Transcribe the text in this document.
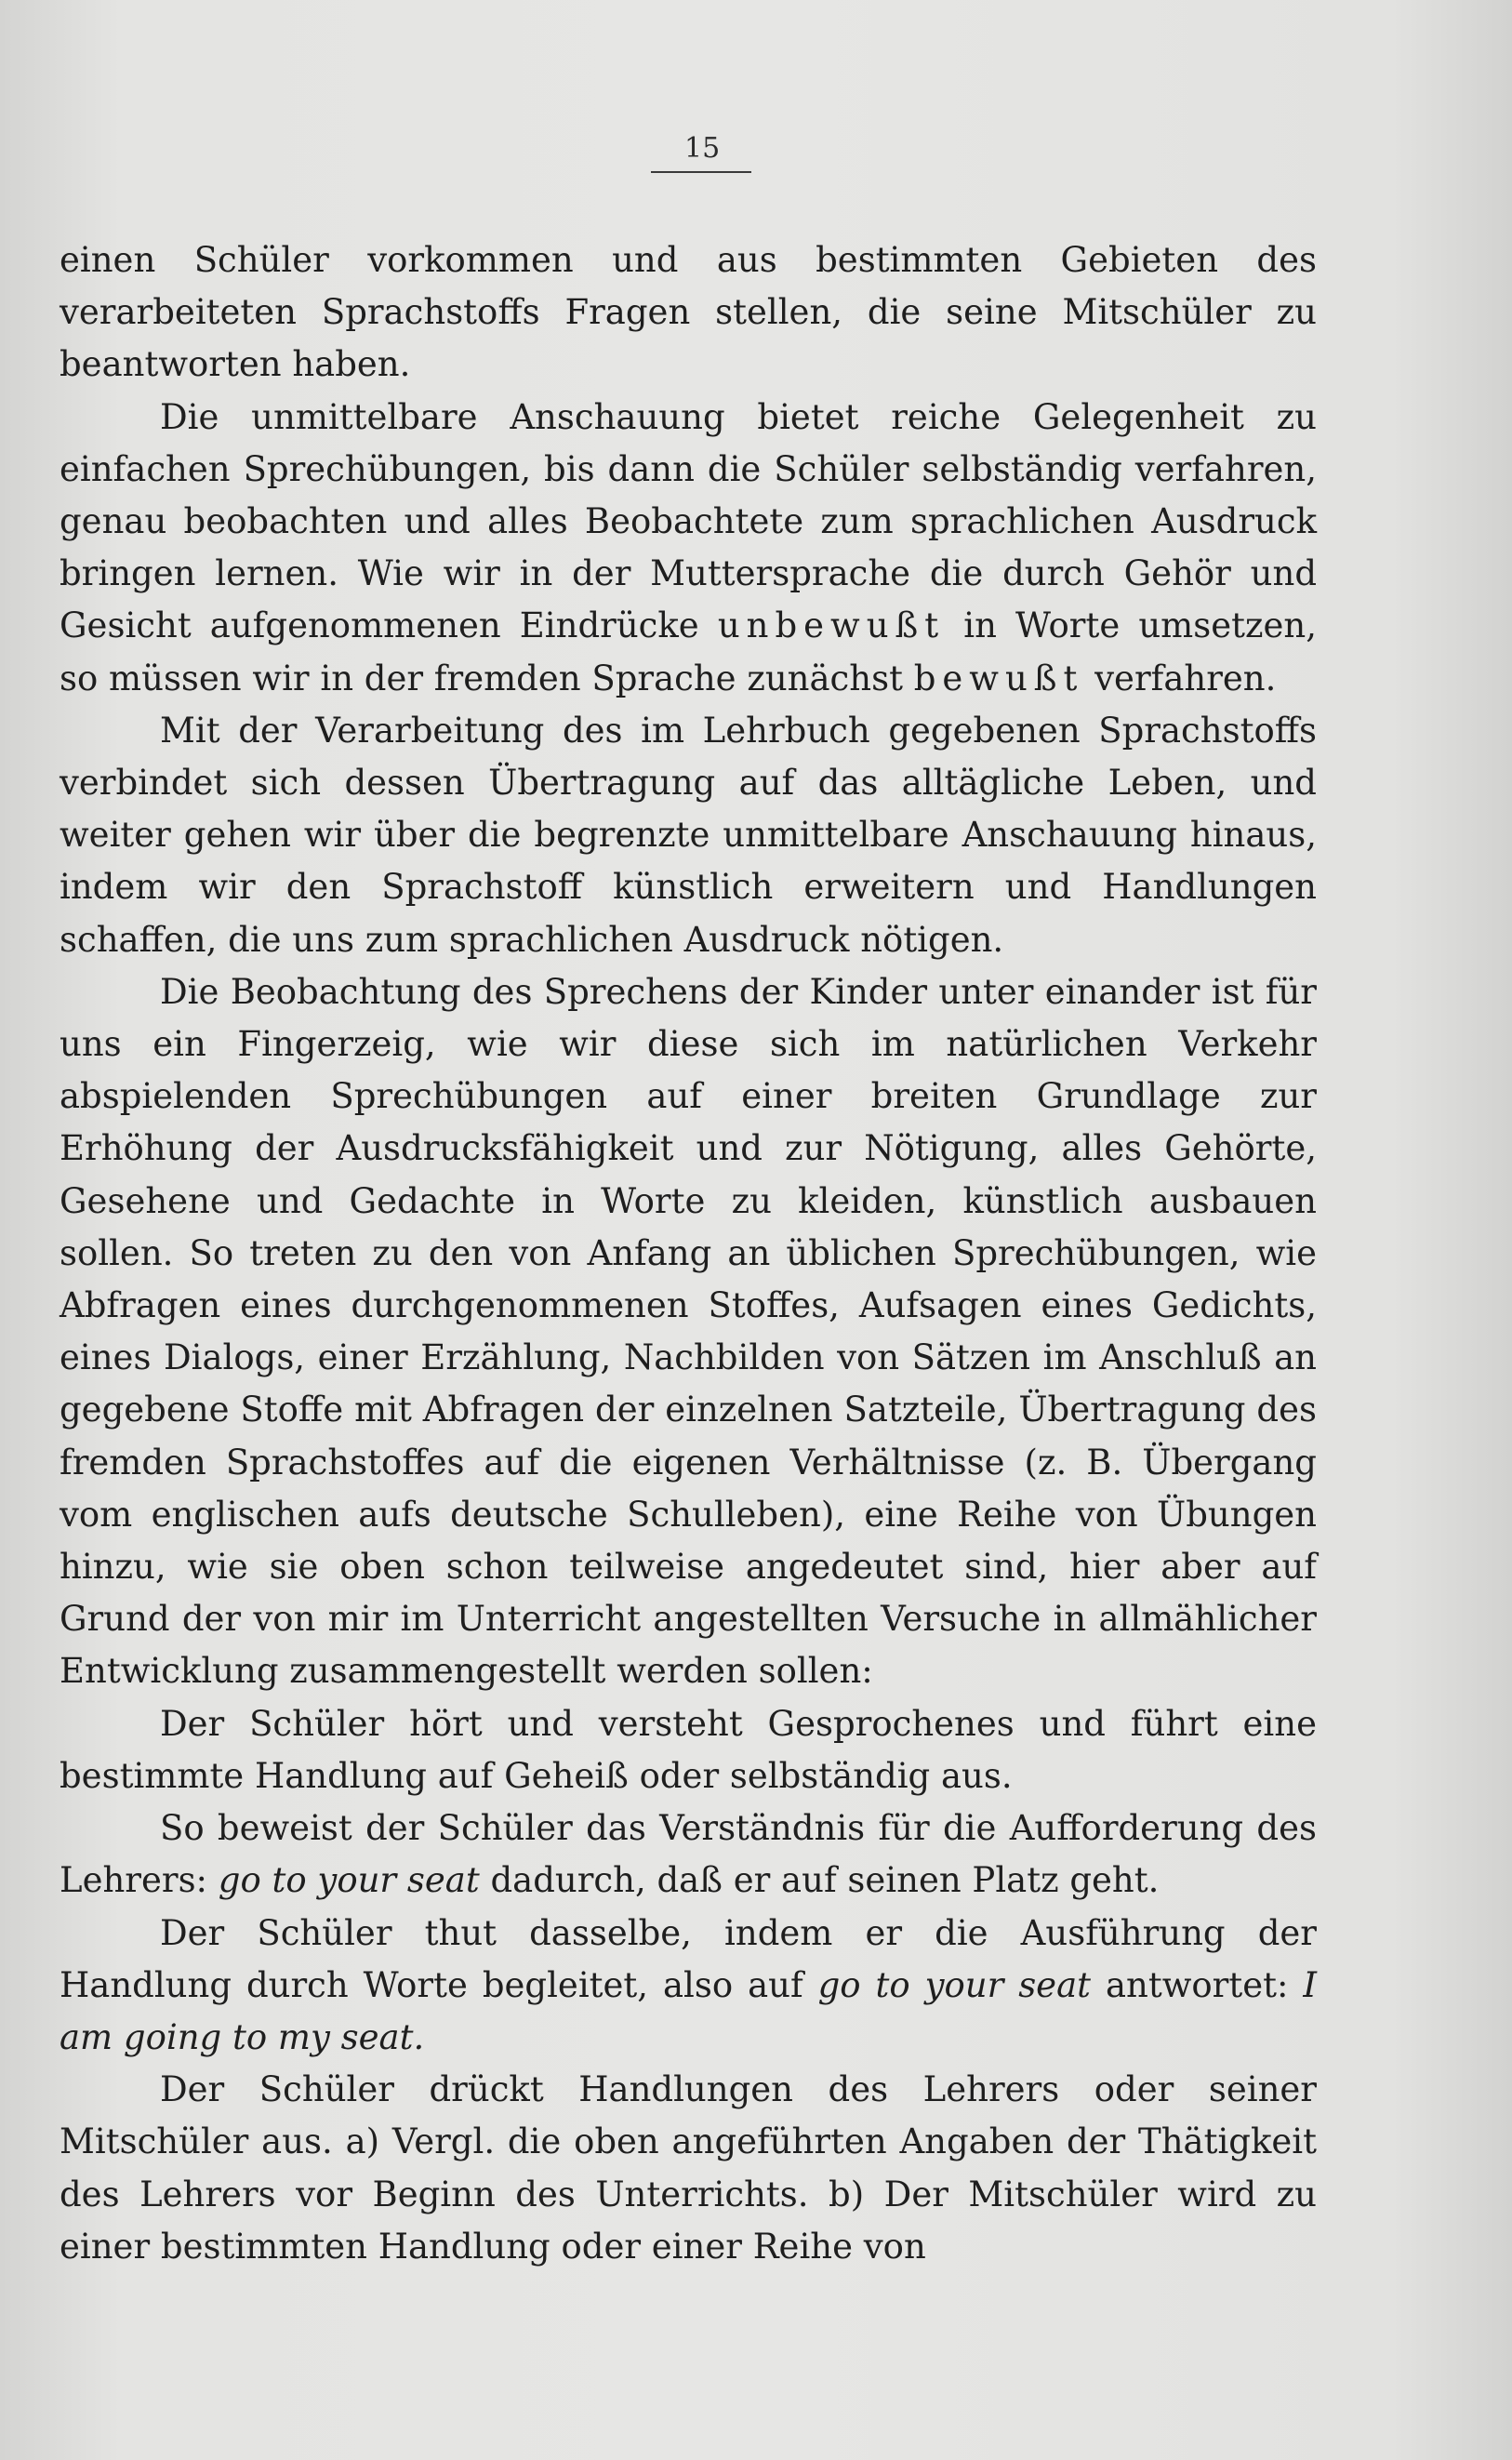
15

einen Schüler vorkommen und aus bestimmten Gebieten des verarbeiteten Sprachstoffs Fragen stellen, die seine Mitschüler zu beantworten haben.

Die unmittelbare Anschauung bietet reiche Gelegenheit zu einfachen Sprechübungen, bis dann die Schüler selbständig verfahren, genau beobachten und alles Beobachtete zum sprachlichen Ausdruck bringen lernen. Wie wir in der Muttersprache die durch Gehör und Gesicht aufgenommenen Eindrücke unbewußt in Worte umsetzen, so müssen wir in der fremden Sprache zunächst bewußt verfahren.

Mit der Verarbeitung des im Lehrbuch gegebenen Sprachstoffs verbindet sich dessen Übertragung auf das alltägliche Leben, und weiter gehen wir über die begrenzte unmittelbare Anschauung hinaus, indem wir den Sprachstoff künstlich erweitern und Handlungen schaffen, die uns zum sprachlichen Ausdruck nötigen.

Die Beobachtung des Sprechens der Kinder unter einander ist für uns ein Fingerzeig, wie wir diese sich im natürlichen Verkehr abspielenden Sprechübungen auf einer breiten Grundlage zur Erhöhung der Ausdrucksfähigkeit und zur Nötigung, alles Gehörte, Gesehene und Gedachte in Worte zu kleiden, künstlich ausbauen sollen. So treten zu den von Anfang an üblichen Sprechübungen, wie Abfragen eines durchgenommenen Stoffes, Aufsagen eines Gedichts, eines Dialogs, einer Erzählung, Nachbilden von Sätzen im Anschluß an gegebene Stoffe mit Abfragen der einzelnen Satzteile, Übertragung des fremden Sprachstoffes auf die eigenen Verhältnisse (z. B. Übergang vom englischen aufs deutsche Schulleben), eine Reihe von Übungen hinzu, wie sie oben schon teilweise angedeutet sind, hier aber auf Grund der von mir im Unterricht angestellten Versuche in allmählicher Entwicklung zusammengestellt werden sollen:

Der Schüler hört und versteht Gesprochenes und führt eine bestimmte Handlung auf Geheiß oder selbständig aus.

So beweist der Schüler das Verständnis für die Aufforderung des Lehrers: go to your seat dadurch, daß er auf seinen Platz geht.

Der Schüler thut dasselbe, indem er die Ausführung der Handlung durch Worte begleitet, also auf go to your seat antwortet: I am going to my seat.

Der Schüler drückt Handlungen des Lehrers oder seiner Mitschüler aus. a) Vergl. die oben angeführten Angaben der Thätigkeit des Lehrers vor Beginn des Unterrichts. b) Der Mitschüler wird zu einer bestimmten Handlung oder einer Reihe von
